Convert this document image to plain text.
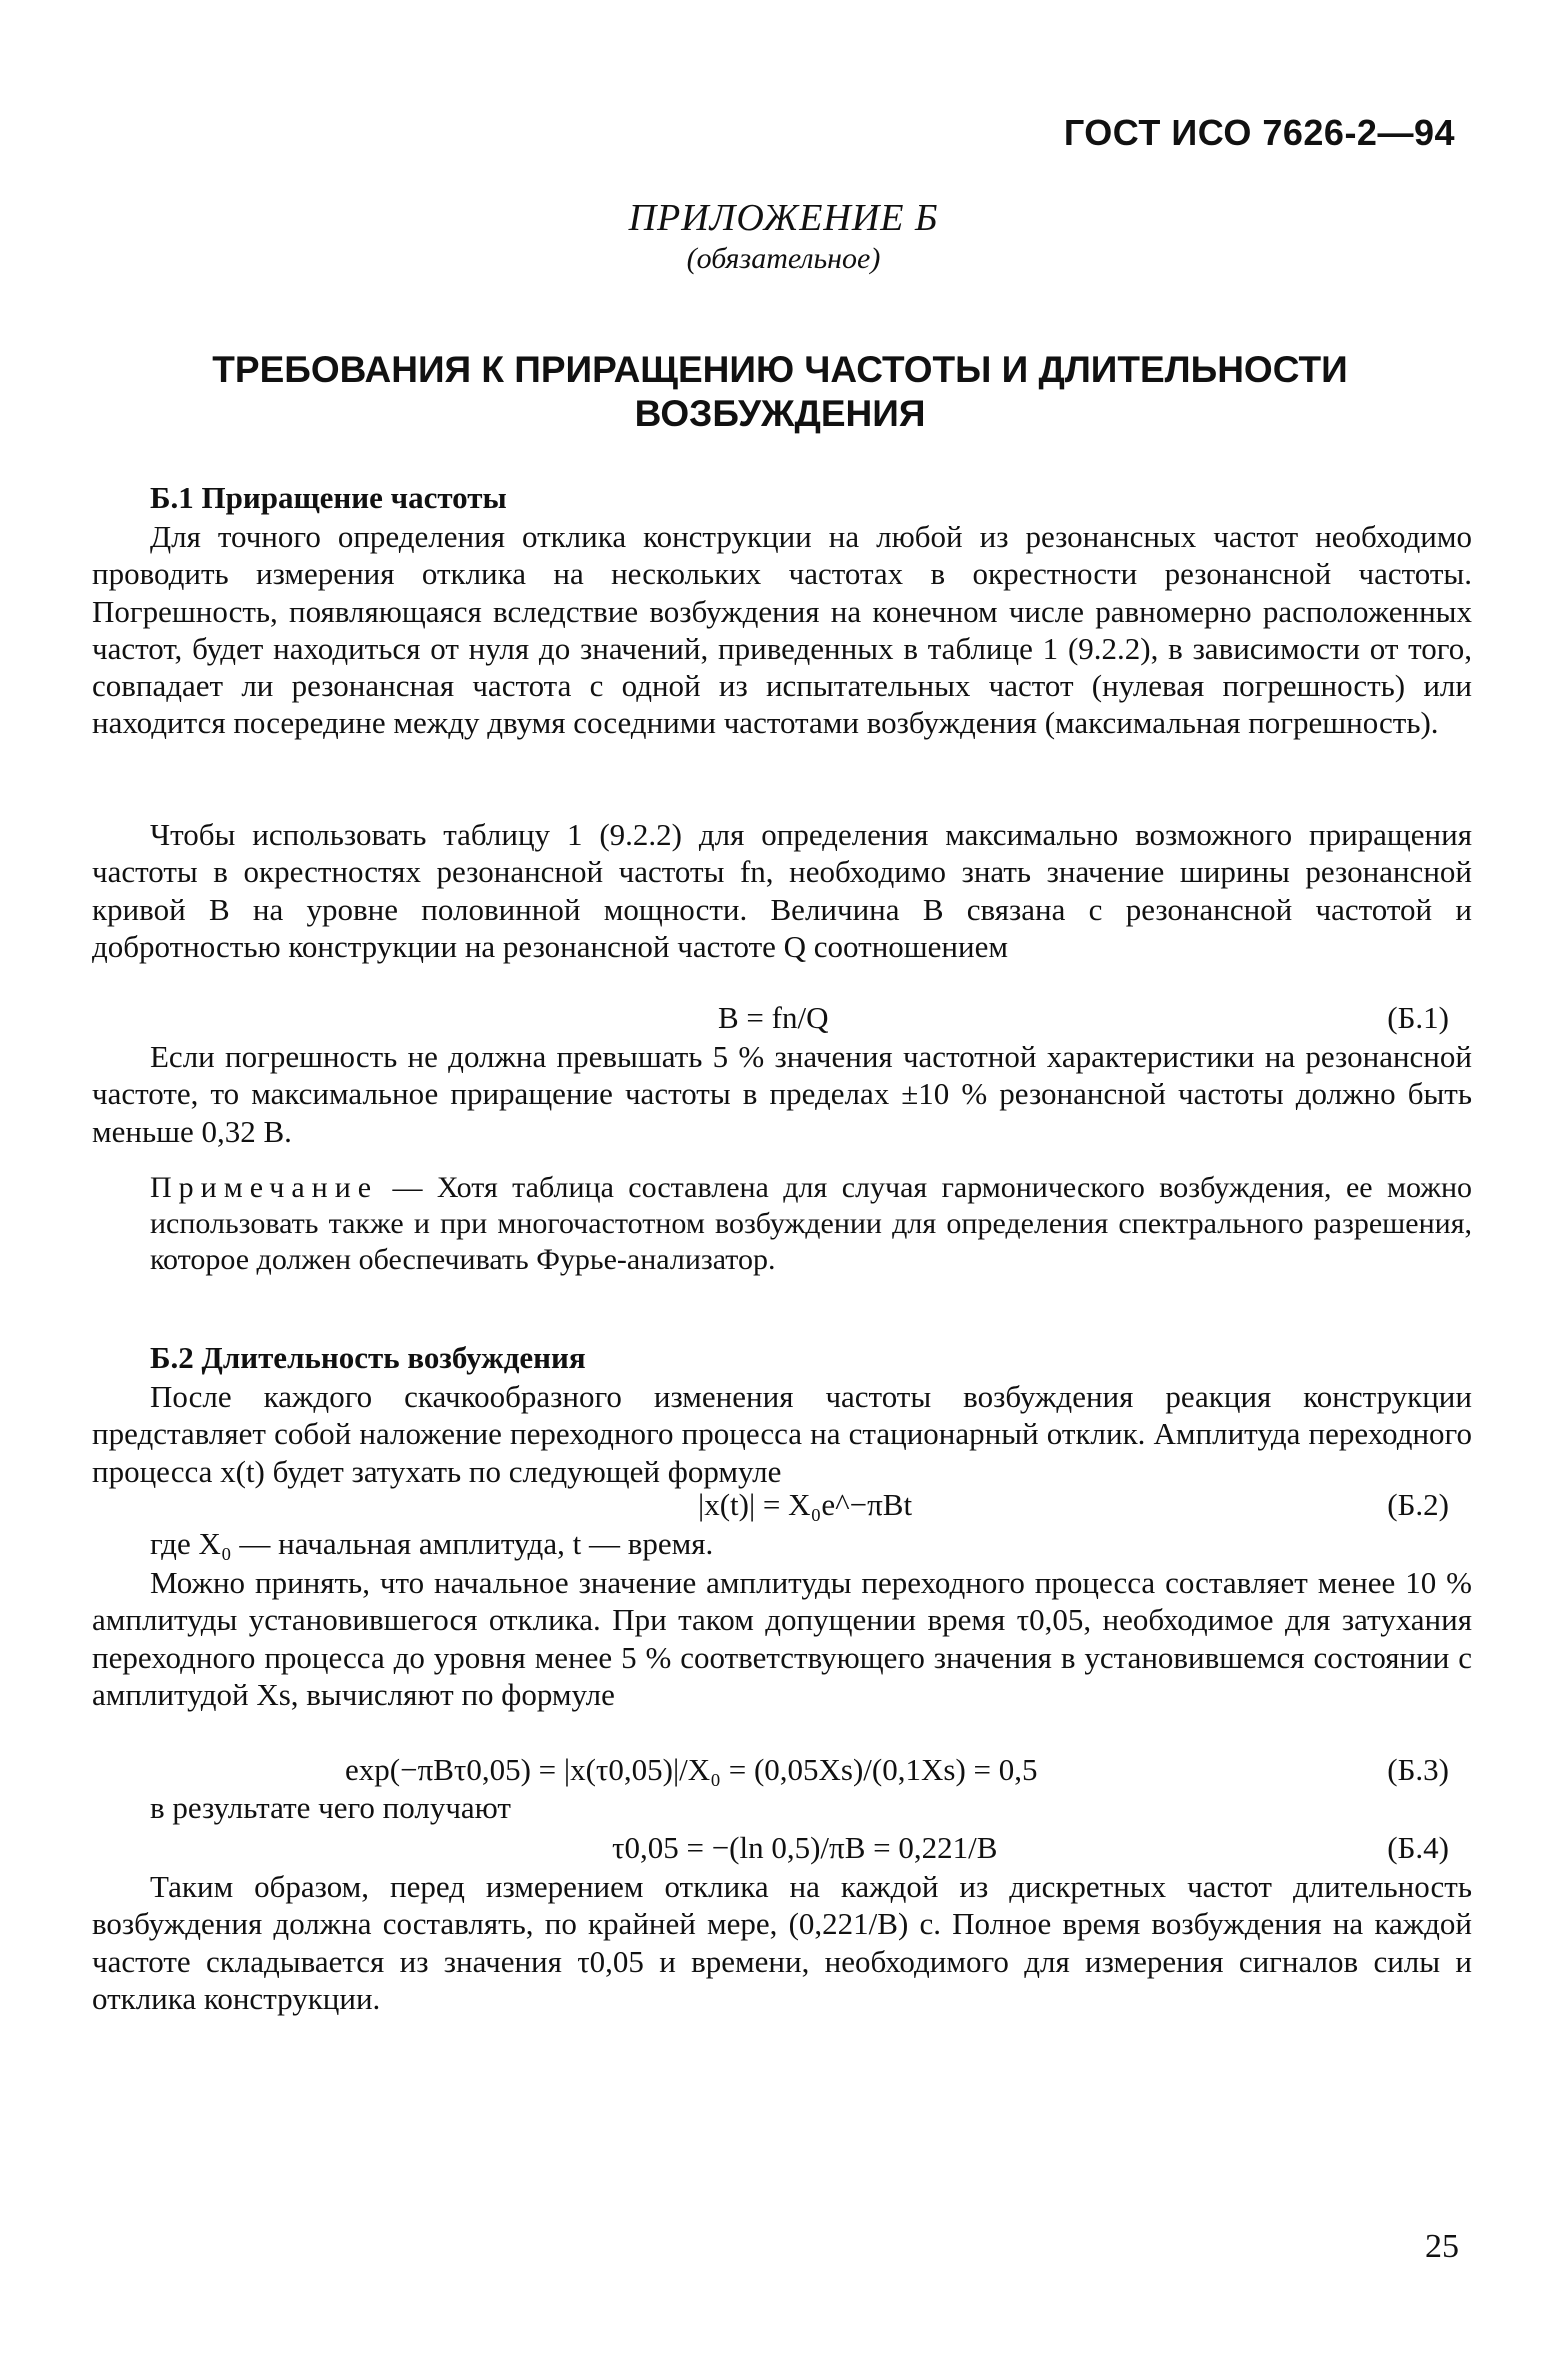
ГОСТ ИСО 7626-2—94
ПРИЛОЖЕНИЕ Б
(обязательное)
ТРЕБОВАНИЯ К ПРИРАЩЕНИЮ ЧАСТОТЫ И ДЛИТЕЛЬНОСТИ ВОЗБУЖДЕНИЯ
Б.1 Приращение частоты
Для точного определения отклика конструкции на любой из резонансных частот необходимо проводить измерения отклика на нескольких частотах в окрестности резонансной частоты. Погрешность, появляющаяся вследствие возбуждения на конечном числе равномерно расположенных частот, будет находиться от нуля до значений, приведенных в таблице 1 (9.2.2), в зависимости от того, совпадает ли резонансная частота с одной из испытательных частот (нулевая погрешность) или находится посередине между двумя соседними частотами возбуждения (максимальная погрешность).
Чтобы использовать таблицу 1 (9.2.2) для определения максимально возможного приращения частоты в окрестностях резонансной частоты fn, необходимо знать значение ширины резонансной кривой B на уровне половинной мощности. Величина B связана с резонансной частотой и добротностью конструкции на резонансной частоте Q соотношением
B = fn/Q	(Б.1)
Если погрешность не должна превышать 5 % значения частотной характеристики на резонансной частоте, то максимальное приращение частоты в пределах ±10 % резонансной частоты должно быть меньше 0,32 B.
Примечание — Хотя таблица составлена для случая гармонического возбуждения, ее можно использовать также и при многочастотном возбуждении для определения спектрального разрешения, которое должен обеспечивать Фурье-анализатор.
Б.2 Длительность возбуждения
После каждого скачкообразного изменения частоты возбуждения реакция конструкции представляет собой наложение переходного процесса на стационарный отклик. Амплитуда переходного процесса x(t) будет затухать по следующей формуле
|x(t)| = X₀e^−πBt	(Б.2)
где X₀ — начальная амплитуда, t — время.
Можно принять, что начальное значение амплитуды переходного процесса составляет менее 10 % амплитуды установившегося отклика. При таком допущении время τ0,05, необходимое для затухания переходного процесса до уровня менее 5 % соответствующего значения в установившемся состоянии с амплитудой Xs, вычисляют по формуле
exp(−πBτ0,05) = |x(τ0,05)|/X₀ = (0,05Xs)/(0,1Xs) = 0,5	(Б.3)
в результате чего получают
τ0,05 = −(ln 0,5)/πB = 0,221/B	(Б.4)
Таким образом, перед измерением отклика на каждой из дискретных частот длительность возбуждения должна составлять, по крайней мере, (0,221/B) с. Полное время возбуждения на каждой частоте складывается из значения τ0,05 и времени, необходимого для измерения сигналов силы и отклика конструкции.
25
